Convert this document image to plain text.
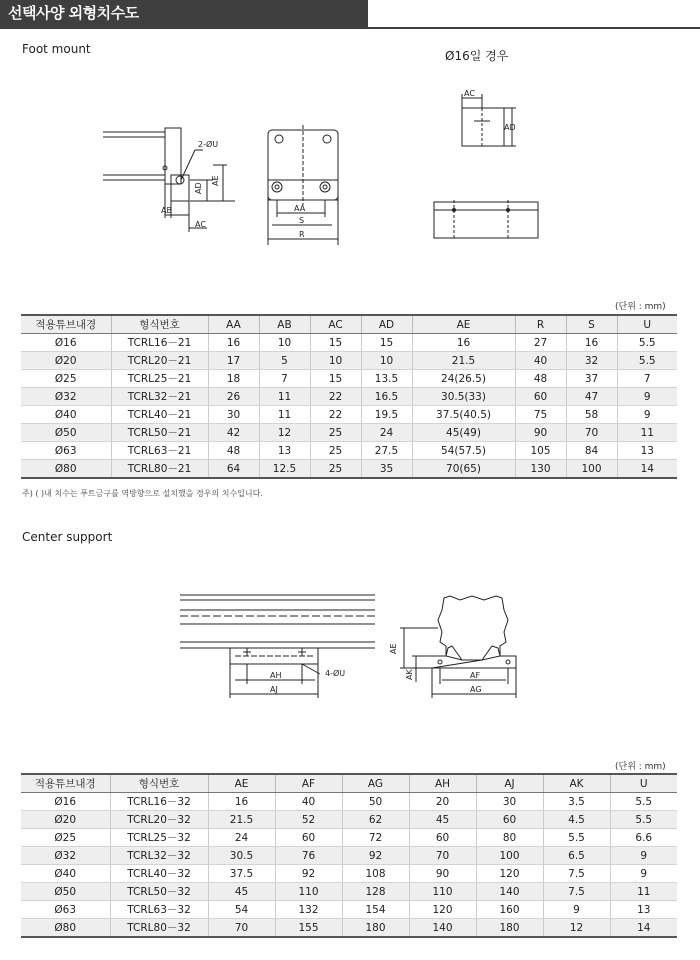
선택사양 외형치수도
Foot mount	Ø16일 경우
2-ØU
AD
AE
AB
AC
AA
S
R
AC
AD
(단위 : mm)
적용튜브내경	형식번호	AA	AB	AC	AD	AE	R	S	U
Ø16	TCRL16－21	16	10	15	15	16	27	16	5.5
Ø20	TCRL20－21	17	5	10	10	21.5	40	32	5.5
Ø25	TCRL25－21	18	7	15	13.5	24(26.5)	48	37	7
Ø32	TCRL32－21	26	11	22	16.5	30.5(33)	60	47	9
Ø40	TCRL40－21	30	11	22	19.5	37.5(40.5)	75	58	9
Ø50	TCRL50－21	42	12	25	24	45(49)	90	70	11
Ø63	TCRL63－21	48	13	25	27.5	54(57.5)	105	84	13
Ø80	TCRL80－21	64	12.5	25	35	70(65)	130	100	14
주) ( )내 치수는 푸트금구를 역방향으로 설치했을 경우의 치수입니다.
Center support
AH
AJ
4-ØU
AE
AK	AF
AG
(단위 : mm)
적용튜브내경	형식번호	AE	AF	AG	AH	AJ	AK	U
Ø16	TCRL16－32	16	40	50	20	30	3.5	5.5
Ø20	TCRL20－32	21.5	52	62	45	60	4.5	5.5
Ø25	TCRL25－32	24	60	72	60	80	5.5	6.6
Ø32	TCRL32－32	30.5	76	92	70	100	6.5	9
Ø40	TCRL40－32	37.5	92	108	90	120	7.5	9
Ø50	TCRL50－32	45	110	128	110	140	7.5	11
Ø63	TCRL63－32	54	132	154	120	160	9	13
Ø80	TCRL80－32	70	155	180	140	180	12	14
